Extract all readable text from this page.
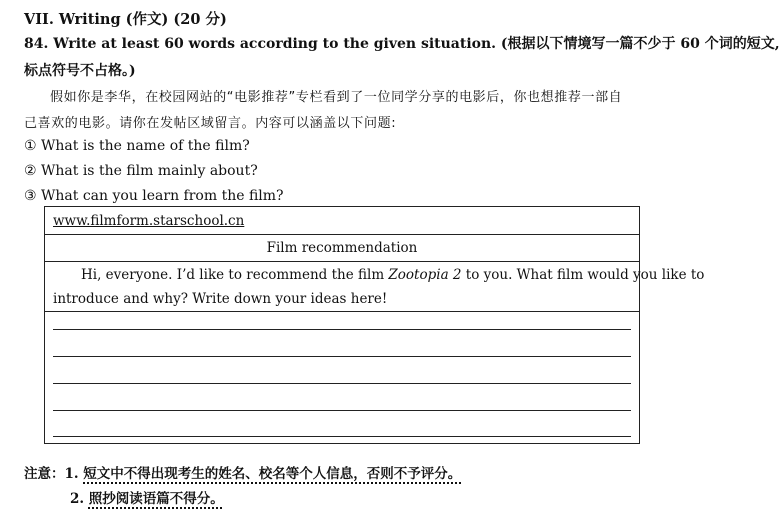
VII. Writing (作文) (20 分)
84. Write at least 60 words according to the given situation. (根据以下情境写一篇不少于 60 个词的短文,
标点符号不占格。)
假如你是李华，在校园网站的“电影推荐”专栏看到了一位同学分享的电影后，你也想推荐一部自
己喜欢的电影。请你在发帖区域留言。内容可以涵盖以下问题:
① What is the name of the film?
② What is the film mainly about?
③ What can you learn from the film?
www.filmform.starschool.cn
Film recommendation
Hi, everyone. I’d like to recommend the film Zootopia 2 to you. What film would you like to
introduce and why? Write down your ideas here!
注意：1. 短文中不得出现考生的姓名、校名等个人信息，否则不予评分。
2. 照抄阅读语篇不得分。
